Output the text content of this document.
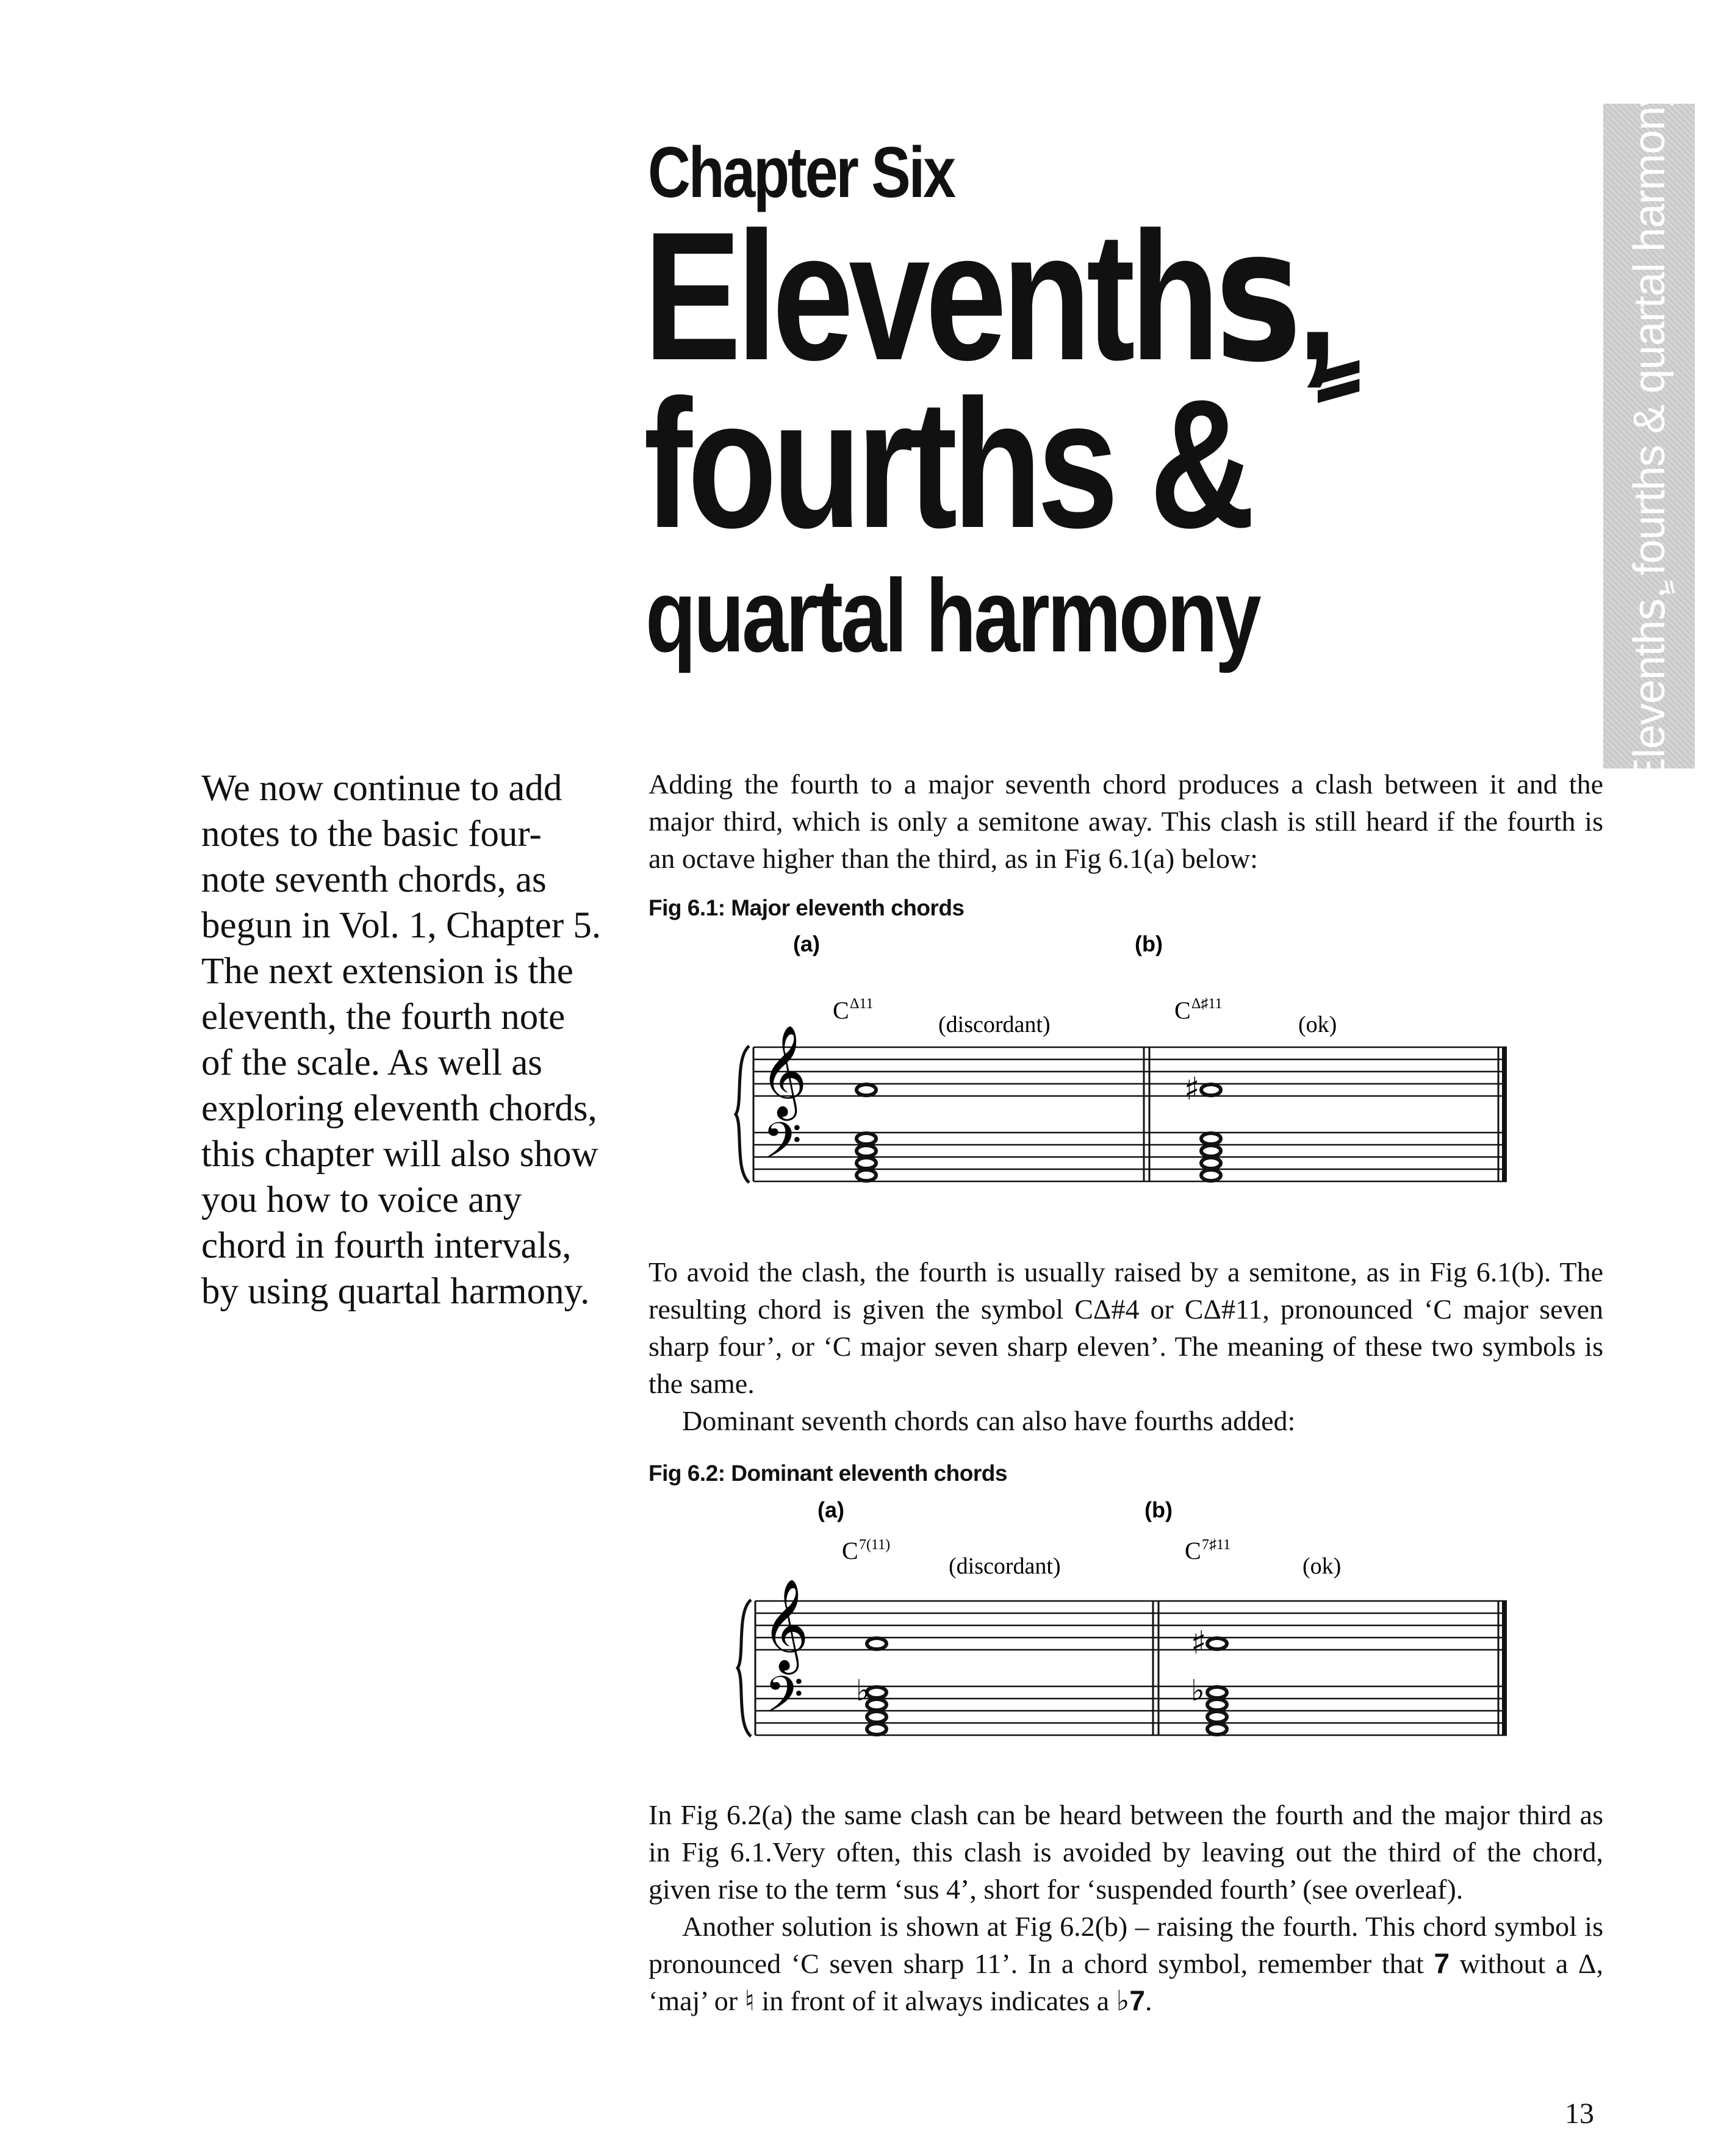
Chapter Six
Eleventhsٍ,
fourths &
quartal harmony	Eleventhsٍ, fourths & quartal harmony

We now continue to add

notes to the basic four-

note seventh chords, as

begun in Vol. 1, Chapter 5.

The next extension is the

eleventh, the fourth note

of the scale. As well as

exploring eleventh chords,

this chapter will also show

you how to voice any

chord in fourth intervals,

by using quartal harmony.

Adding the fourth to a major seventh chord produces a clash between it and the major third, which is only a semitone away. This clash is still heard if the fourth is an octave higher than the third, as in Fig 6.1(a) below:

Fig 6.1: Major eleventh chords
(a)	(b)
C Δ11
(discordant)
C Δ♯11
(ok)
𝄞
𝄢
♯

To avoid the clash, the fourth is usually raised by a semitone, as in Fig 6.1(b). The resulting chord is given the symbol CΔ#4 or CΔ#11, pronounced ‘C major seven sharp four’, or ‘C major seven sharp eleven’. The meaning of these two symbols is the same.

Dominant seventh chords can also have fourths added:

Fig 6.2: Dominant eleventh chords
(a)	(b)
C 7(11)
(discordant)
C 7♯11
(ok)
𝄞
𝄢 ♭
♯
♭

In Fig 6.2(a) the same clash can be heard between the fourth and the major third as in Fig 6.1.Very often, this clash is avoided by leaving out the third of the chord, given rise to the term ‘sus 4’, short for ‘suspended fourth’ (see overleaf).

Another solution is shown at Fig 6.2(b) – raising the fourth. This chord symbol is pronounced ‘C seven sharp 11’. In a chord symbol, remember that 7 without a Δ, ‘maj’ or ♮ in front of it always indicates a ♭7.

13
